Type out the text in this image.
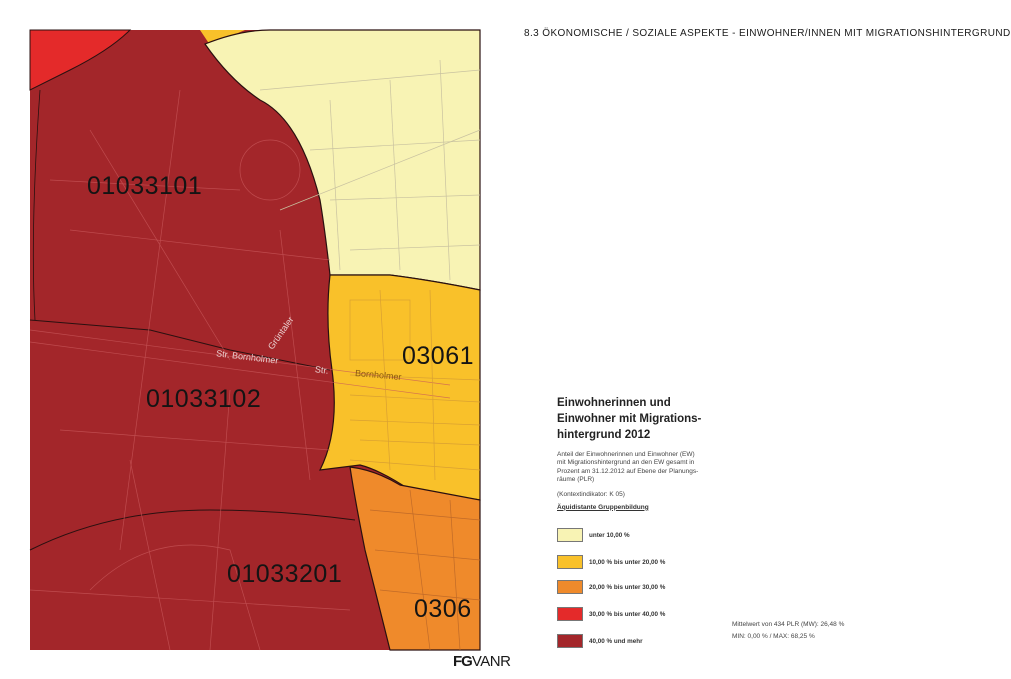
8.3 ÖKONOMISCHE / SOZIALE ASPEKTE - EINWOHNER/INNEN MIT MIGRATIONSHINTERGRUND
01033101
01033102
01033201
03061
0306
Str. Bornholmer
Str.	Bornholmer
Grüntaler
Einwohnerinnen und
Einwohner mit Migrations-
hintergrund 2012
Anteil der Einwohnerinnen und Einwohner (EW)
mit Migrationshintergrund an den EW gesamt in
Prozent am 31.12.2012 auf Ebene der Planungs-
räume (PLR)
(Kontextindikator: K 05)
Äquidistante Gruppenbildung
unter 10,00 %
10,00 % bis unter 20,00 %
20,00 % bis unter 30,00 %
30,00 % bis unter 40,00 %
40,00 % und mehr
Mittelwert von 434 PLR (MW): 26,48 %
MIN: 0,00 % / MAX: 68,25 %
FGVANR
